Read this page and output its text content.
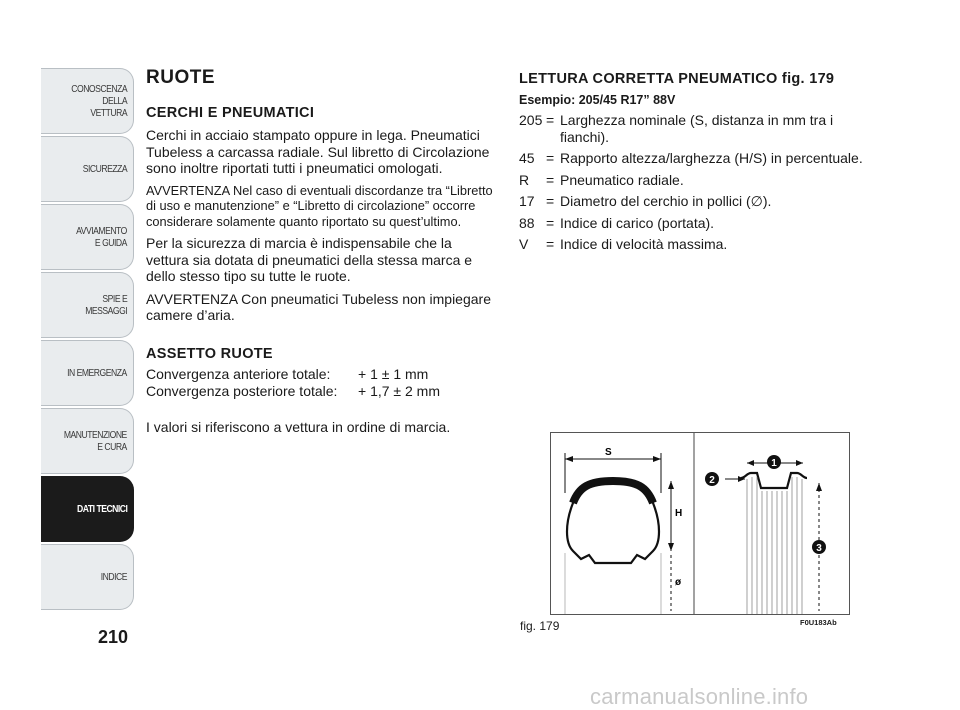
CONOSCENZA
DELLA
VETTURA
SICUREZZA
AVVIAMENTO
E GUIDA
SPIE E
MESSAGGI
IN EMERGENZA
MANUTENZIONE
E CURA
DATI TECNICI
INDICE
210
RUOTE
CERCHI E PNEUMATICI

Cerchi in acciaio stampato oppure in lega. Pneumatici Tubeless a carcassa radiale. Sul libretto di Circolazione sono inoltre riportati tutti i pneumatici omologati.

AVVERTENZA Nel caso di eventuali discordanze tra “Libretto di uso e manutenzione” e “Libretto di circolazione” occorre considerare solamente quanto riportato su quest’ultimo.

Per la sicurezza di marcia è indispensabile che la vettura sia dotata di pneumatici della stessa marca e dello stesso tipo su tutte le ruote.

AVVERTENZA Con pneumatici Tubeless non impiegare camere d’aria.

ASSETTO RUOTE
Convergenza anteriore totale:	+ 1 ± 1 mm
Convergenza posteriore totale:	+ 1,7 ± 2 mm

I valori si riferiscono a vettura in ordine di marcia.

LETTURA CORRETTA PNEUMATICO fig. 179
Esempio: 205/45 R17” 88V
205 = Larghezza nominale (S, distanza in mm tra i fianchi).
45 = Rapporto altezza/larghezza (H/S) in percentuale.
R	= Pneumatico radiale.
17 = Diametro del cerchio in pollici (∅).
88 = Indice di carico (portata).
V	= Indice di velocità massima.
S
H
ø
1
2
3
fig. 179	F0U183Ab
carmanualsonline.info
